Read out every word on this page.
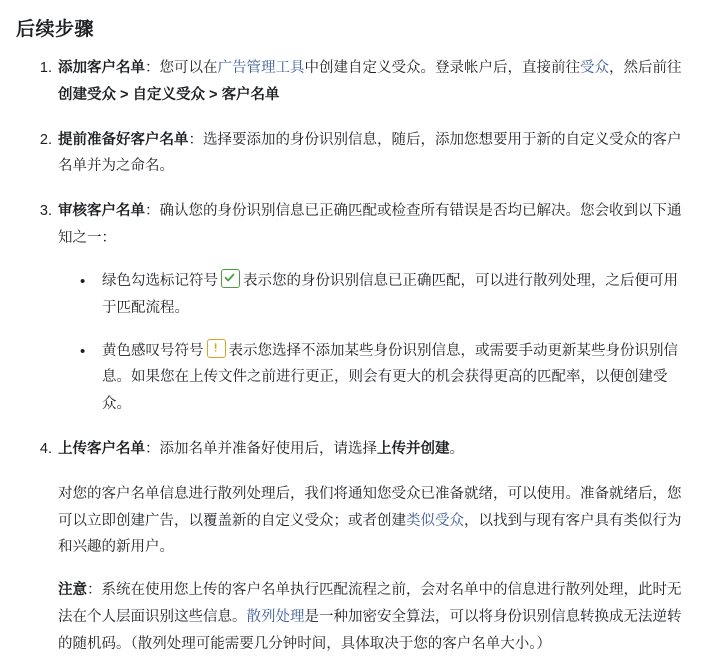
后续步骤
添加客户名单：您可以在广告管理工具中创建自定义受众。登录帐户后，直接前往受众，然后前往创建受众 > 自定义受众 > 客户名单
提前准备好客户名单：选择要添加的身份识别信息，随后，添加您想要用于新的自定义受众的客户名单并为之命名。
审核客户名单：确认您的身份识别信息已正确匹配或检查所有错误是否均已解决。您会收到以下通知之一：
• 绿色勾选标记符号 表示您的身份识别信息已正确匹配，可以进行散列处理，之后便可用于匹配流程。
• 黄色感叹号符号 表示您选择不添加某些身份识别信息，或需要手动更新某些身份识别信息。如果您在上传文件之前进行更正，则会有更大的机会获得更高的匹配率，以便创建受众。
上传客户名单：添加名单并准备好使用后，请选择上传并创建。
对您的客户名单信息进行散列处理后，我们将通知您受众已准备就绪，可以使用。准备就绪后，您可以立即创建广告，以覆盖新的自定义受众；或者创建类似受众，以找到与现有客户具有类似行为和兴趣的新用户。
注意：系统在使用您上传的客户名单执行匹配流程之前，会对名单中的信息进行散列处理，此时无法在个人层面识别这些信息。散列处理是一种加密安全算法，可以将身份识别信息转换成无法逆转的随机码。（散列处理可能需要几分钟时间，具体取决于您的客户名单大小。）
